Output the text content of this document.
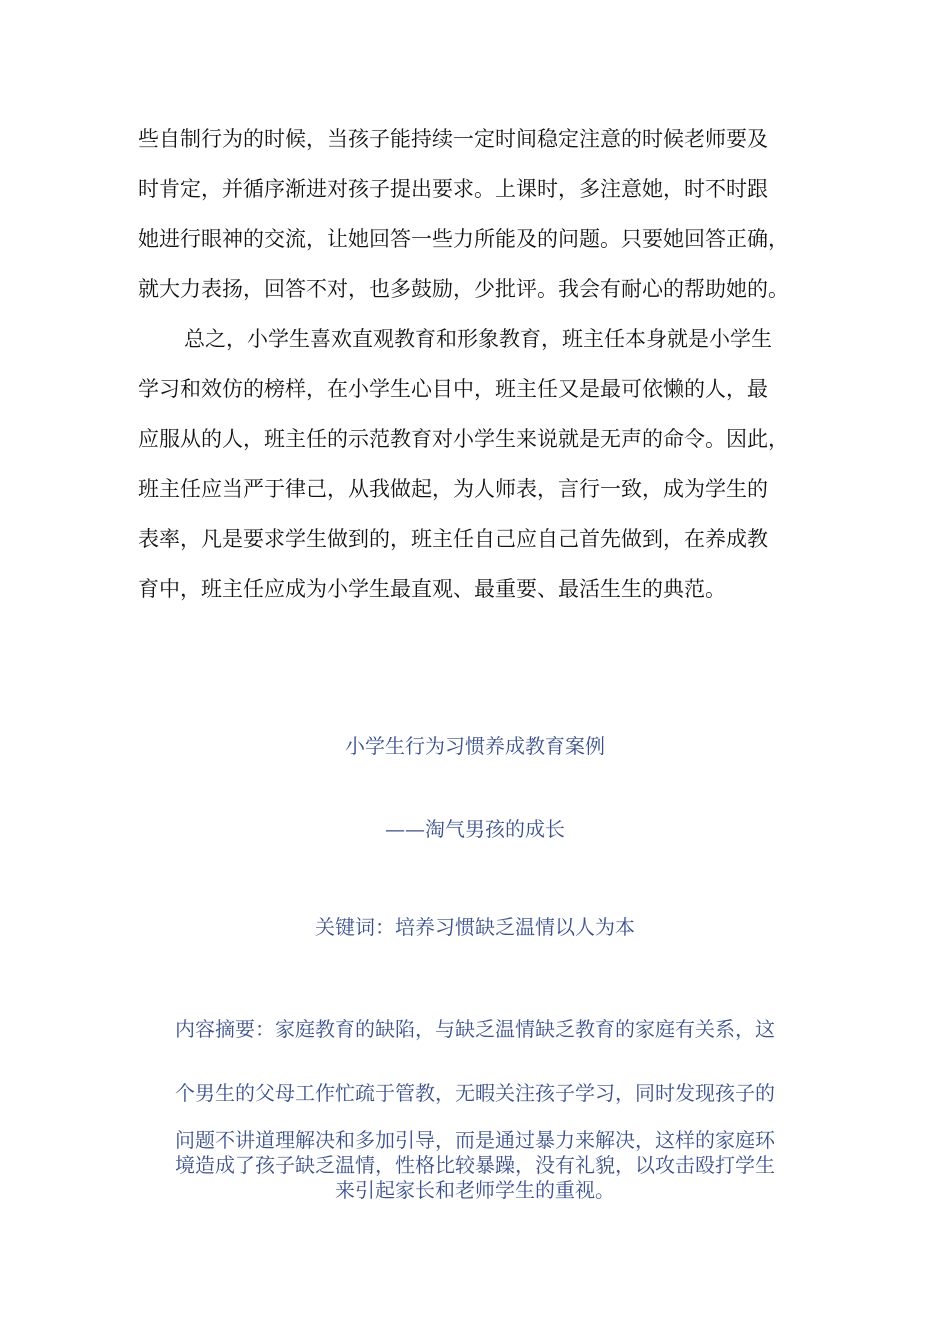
些自制行为的时候，当孩子能持续一定时间稳定注意的时候老师要及
时肯定，并循序渐进对孩子提出要求。上课时，多注意她，时不时跟
她进行眼神的交流，让她回答一些力所能及的问题。只要她回答正确，
就大力表扬，回答不对，也多鼓励，少批评。我会有耐心的帮助她的。
总之，小学生喜欢直观教育和形象教育，班主任本身就是小学生
学习和效仿的榜样，在小学生心目中，班主任又是最可依懒的人，最
应服从的人，班主任的示范教育对小学生来说就是无声的命令。因此，
班主任应当严于律己，从我做起，为人师表，言行一致，成为学生的
表率，凡是要求学生做到的，班主任自己应自己首先做到，在养成教
育中，班主任应成为小学生最直观、最重要、最活生生的典范。
小学生行为习惯养成教育案例
——淘气男孩的成长
关键词：培养习惯缺乏温情以人为本
内容摘要：家庭教育的缺陷，与缺乏温情缺乏教育的家庭有关系，这
个男生的父母工作忙疏于管教，无暇关注孩子学习，同时发现孩子的
问题不讲道理解决和多加引导，而是通过暴力来解决，这样的家庭环
境造成了孩子缺乏温情，性格比较暴躁，没有礼貌，以攻击殴打学生
来引起家长和老师学生的重视。
